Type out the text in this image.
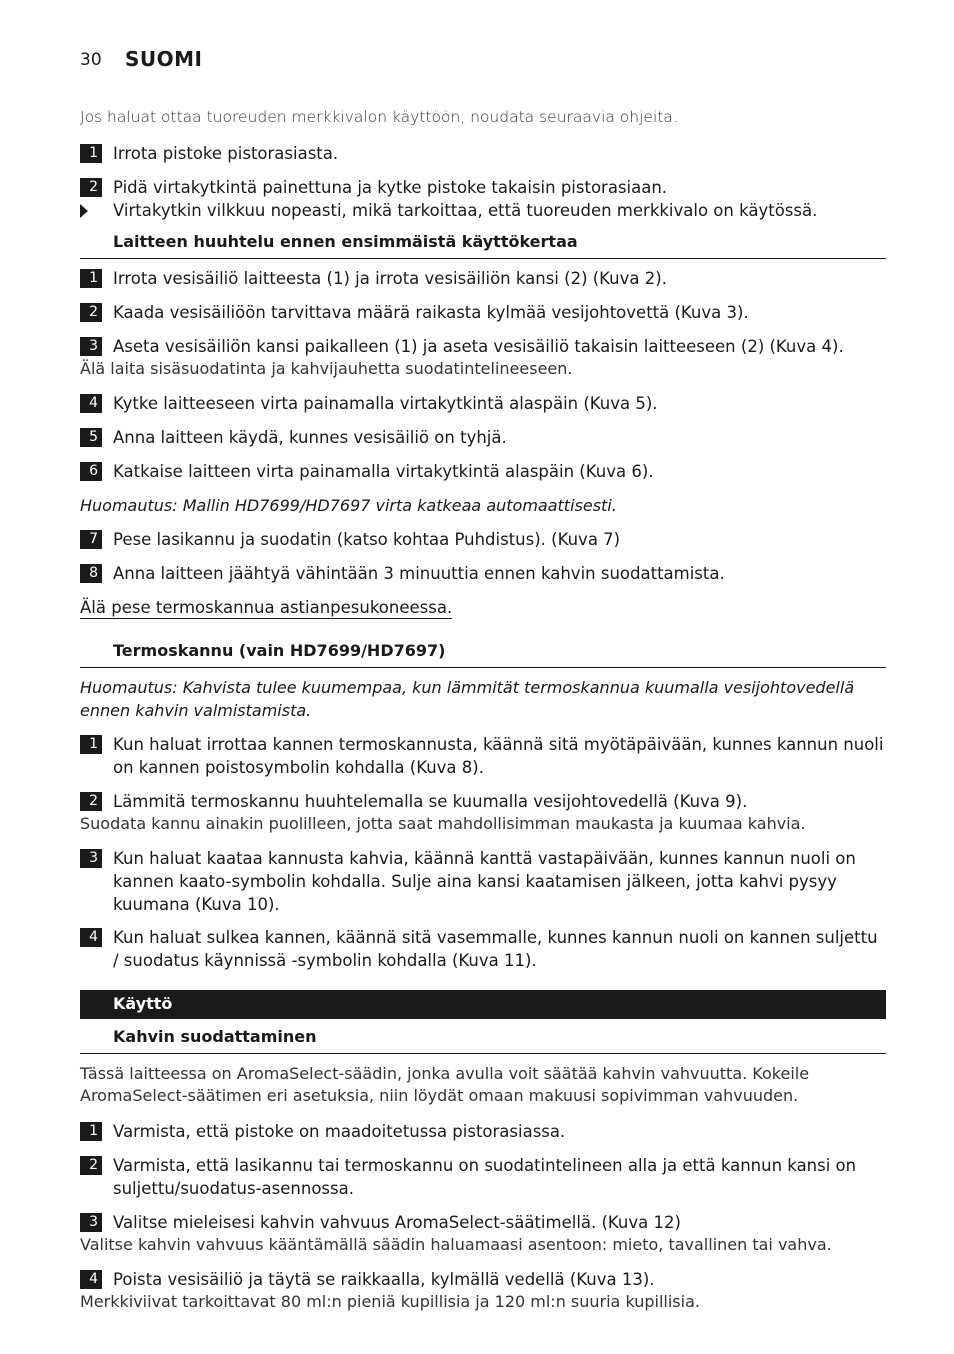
30 SUOMI
Jos haluat ottaa tuoreuden merkkivalon käyttöön, noudata seuraavia ohjeita.
1 Irrota pistoke pistorasiasta.
2 Pidä virtakytkintä painettuna ja kytke pistoke takaisin pistorasiaan.
Virtakytkin vilkkuu nopeasti, mikä tarkoittaa, että tuoreuden merkkivalo on käytössä.
Laitteen huuhtelu ennen ensimmäistä käyttökertaa
1 Irrota vesisäiliö laitteesta (1) ja irrota vesisäiliön kansi (2) (Kuva 2).
2 Kaada vesisäiliöön tarvittava määrä raikasta kylmää vesijohtovettä (Kuva 3).
3 Aseta vesisäiliön kansi paikalleen (1) ja aseta vesisäiliö takaisin laitteeseen (2) (Kuva 4).
Älä laita sisäsuodatinta ja kahvijauhetta suodatintelineeseen.
4 Kytke laitteeseen virta painamalla virtakytkintä alaspäin (Kuva 5).
5 Anna laitteen käydä, kunnes vesisäiliö on tyhjä.
6 Katkaise laitteen virta painamalla virtakytkintä alaspäin (Kuva 6).
Huomautus: Mallin HD7699/HD7697 virta katkeaa automaattisesti.
7 Pese lasikannu ja suodatin (katso kohtaa Puhdistus). (Kuva 7)
8 Anna laitteen jäähtyä vähintään 3 minuuttia ennen kahvin suodattamista.
Älä pese termoskannua astianpesukoneessa.
Termoskannu (vain HD7699/HD7697)
Huomautus: Kahvista tulee kuumempaa, kun lämmität termoskannua kuumalla vesijohtovedellä ennen kahvin valmistamista.
1 Kun haluat irrottaa kannen termoskannusta, käännä sitä myötäpäivään, kunnes kannun nuoli on kannen poistosymbolin kohdalla (Kuva 8).
2 Lämmitä termoskannu huuhtelemalla se kuumalla vesijohtovedellä (Kuva 9).
Suodata kannu ainakin puolilleen, jotta saat mahdollisimman maukasta ja kuumaa kahvia.
3 Kun haluat kaataa kannusta kahvia, käännä kanttä vastapäivään, kunnes kannun nuoli on kannen kaato-symbolin kohdalla. Sulje aina kansi kaatamisen jälkeen, jotta kahvi pysyy kuumana (Kuva 10).
4 Kun haluat sulkea kannen, käännä sitä vasemmalle, kunnes kannun nuoli on kannen suljettu / suodatus käynnissä -symbolin kohdalla (Kuva 11).
Käyttö
Kahvin suodattaminen
Tässä laitteessa on AromaSelect-säädin, jonka avulla voit säätää kahvin vahvuutta. Kokeile AromaSelect-säätimen eri asetuksia, niin löydät omaan makuusi sopivimman vahvuuden.
1 Varmista, että pistoke on maadoitetussa pistorasiassa.
2 Varmista, että lasikannu tai termoskannu on suodatintelineen alla ja että kannun kansi on suljettu/suodatus-asennossa.
3 Valitse mieleisesi kahvin vahvuus AromaSelect-säätimellä. (Kuva 12)
Valitse kahvin vahvuus kääntämällä säädin haluamaasi asentoon: mieto, tavallinen tai vahva.
4 Poista vesisäiliö ja täytä se raikkaalla, kylmällä vedellä (Kuva 13).
Merkkiviivat tarkoittavat 80 ml:n pieniä kupillisia ja 120 ml:n suuria kupillisia.
